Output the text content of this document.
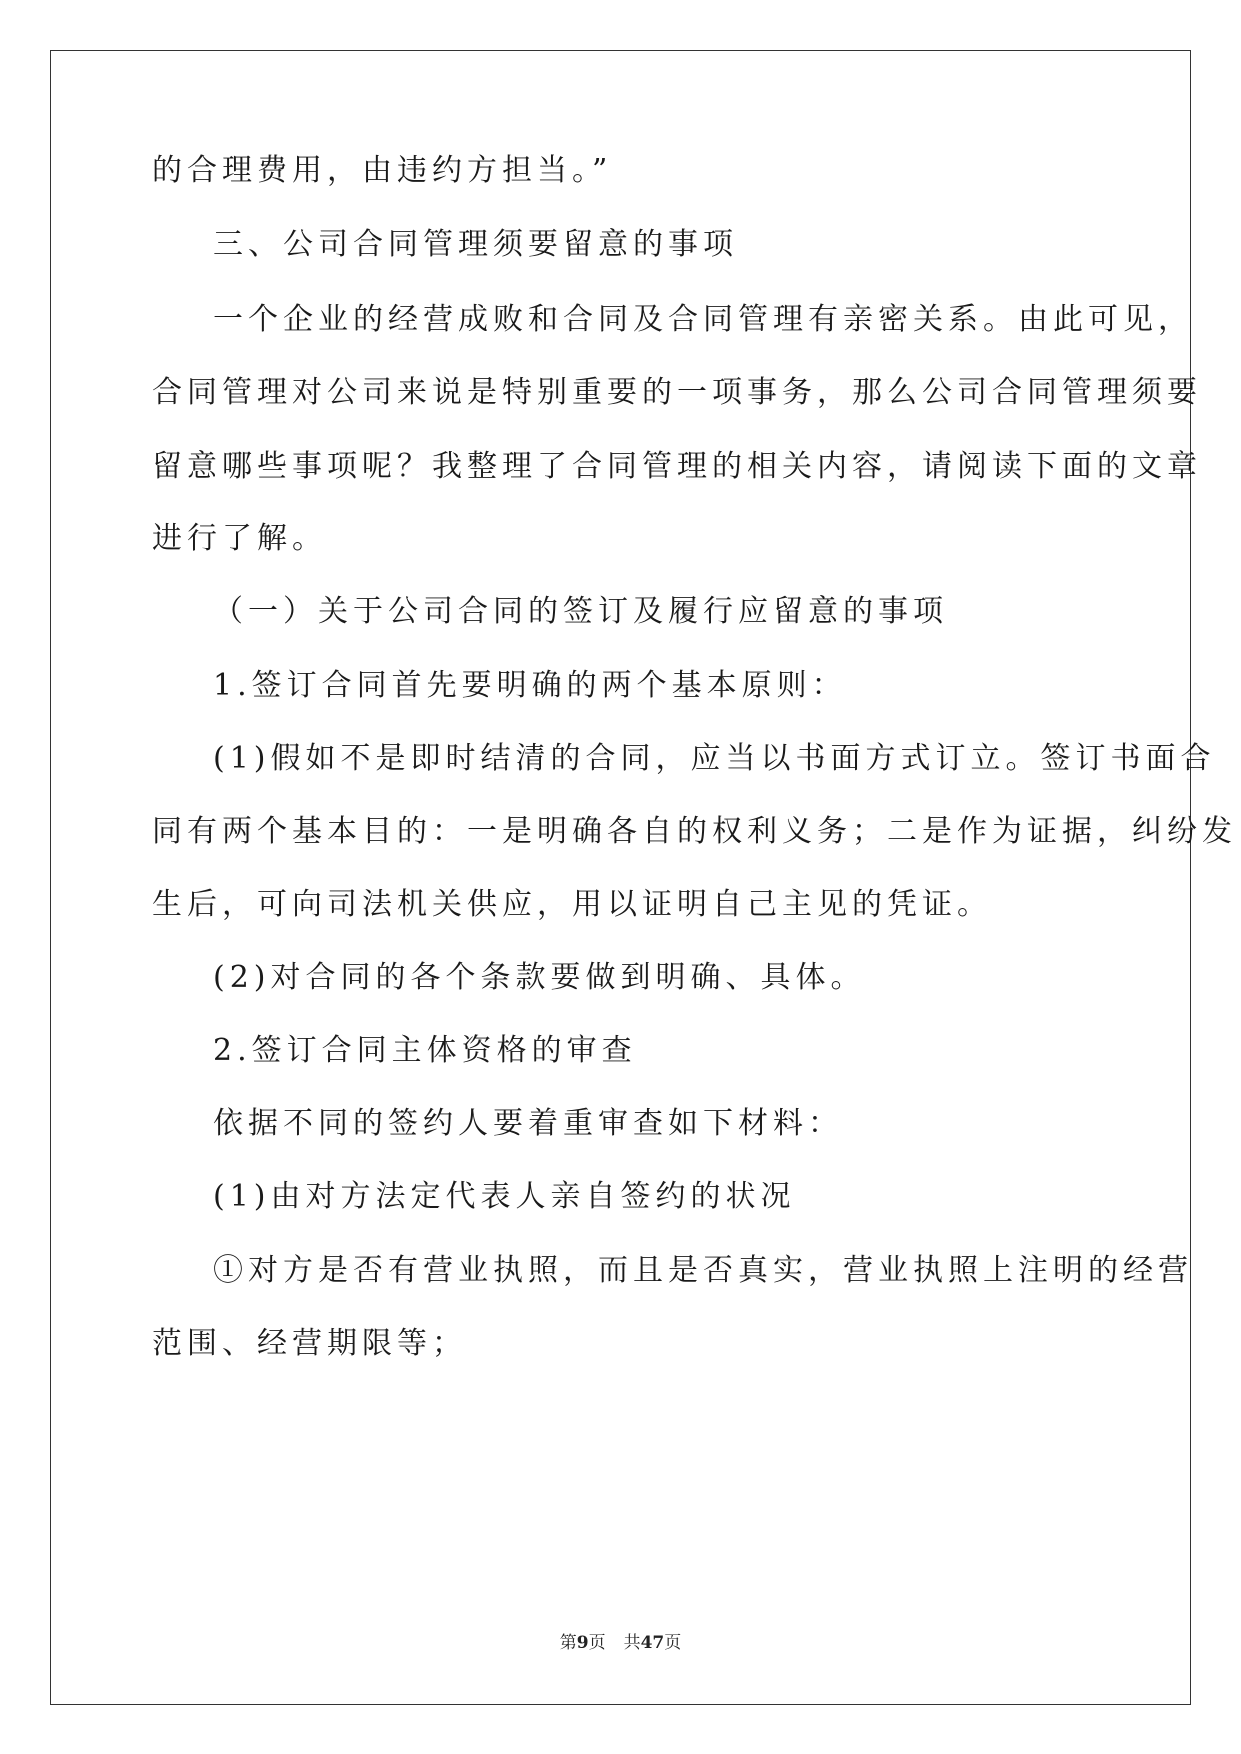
的合理费用，由违约方担当。”
三、公司合同管理须要留意的事项
一个企业的经营成败和合同及合同管理有亲密关系。由此可见，
合同管理对公司来说是特别重要的一项事务，那么公司合同管理须要
留意哪些事项呢？我整理了合同管理的相关内容，请阅读下面的文章
进行了解。
（一）关于公司合同的签订及履行应留意的事项
1.签订合同首先要明确的两个基本原则：
(1)假如不是即时结清的合同，应当以书面方式订立。签订书面合
同有两个基本目的：一是明确各自的权利义务；二是作为证据，纠纷发
生后，可向司法机关供应，用以证明自己主见的凭证。
(2)对合同的各个条款要做到明确、具体。
2.签订合同主体资格的审查
依据不同的签约人要着重审查如下材料：
(1)由对方法定代表人亲自签约的状况
①对方是否有营业执照，而且是否真实，营业执照上注明的经营
范围、经营期限等；
第9页 共47页
